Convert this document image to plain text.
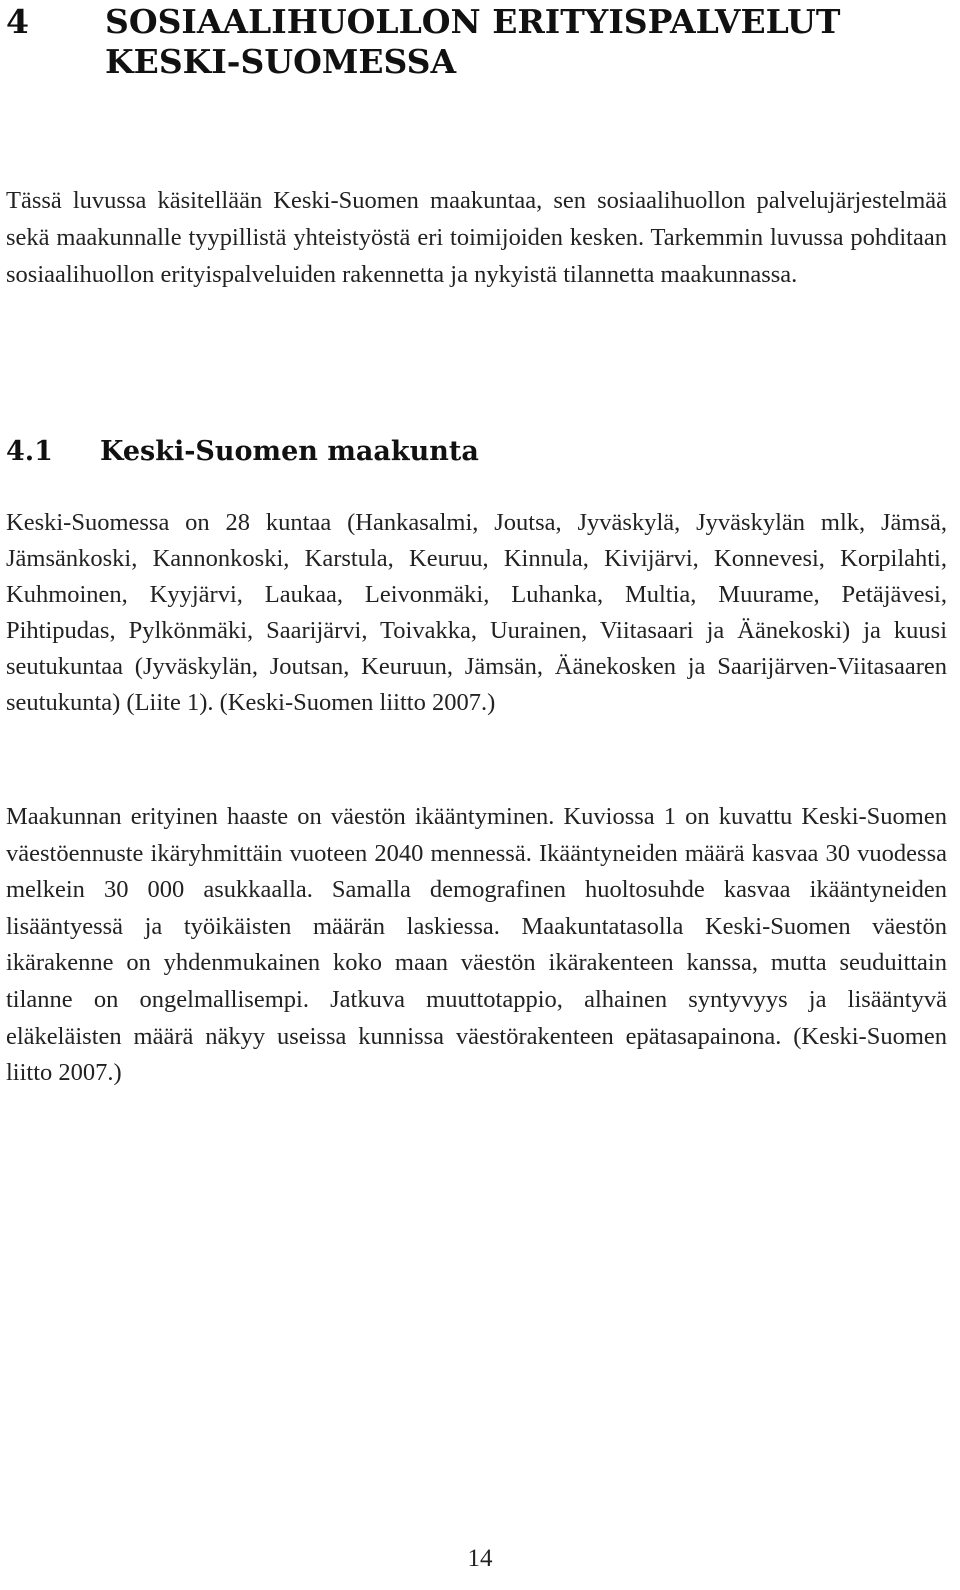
4 SOSIAALIHUOLLON ERITYISPALVELUT KESKI-SUOMESSA

Tässä luvussa käsitellään Keski-Suomen maakuntaa, sen sosiaalihuollon palvelujärjestelmää sekä maakunnalle tyypillistä yhteistyöstä eri toimijoiden kesken. Tarkemmin luvussa pohditaan sosiaalihuollon erityispalveluiden rakennetta ja nykyistä tilannetta maakunnassa.

4.1 Keski-Suomen maakunta

Keski-Suomessa on 28 kuntaa (Hankasalmi, Joutsa, Jyväskylä, Jyväskylän mlk, Jämsä, Jämsänkoski, Kannonkoski, Karstula, Keuruu, Kinnula, Kivijärvi, Konnevesi, Korpilahti, Kuhmoinen, Kyyjärvi, Laukaa, Leivonmäki, Luhanka, Multia, Muurame, Petäjävesi, Pihtipudas, Pylkönmäki, Saarijärvi, Toivakka, Uurainen, Viitasaari ja Äänekoski) ja kuusi seutukuntaa (Jyväskylän, Joutsan, Keuruun, Jämsän, Äänekosken ja Saarijärven-Viitasaaren seutukunta) (Liite 1). (Keski-Suomen liitto 2007.)

Maakunnan erityinen haaste on väestön ikääntyminen. Kuviossa 1 on kuvattu Keski-Suomen väestöennuste ikäryhmittäin vuoteen 2040 mennessä. Ikääntyneiden määrä kasvaa 30 vuodessa melkein 30 000 asukkaalla. Samalla demografinen huoltosuhde kasvaa ikääntyneiden lisääntyessä ja työikäisten määrän laskiessa. Maakuntatasolla Keski-Suomen väestön ikärakenne on yhdenmukainen koko maan väestön ikärakenteen kanssa, mutta seuduittain tilanne on ongelmallisempi. Jatkuva muuttotappio, alhainen syntyvyys ja lisääntyvä eläkeläisten määrä näkyy useissa kunnissa väestörakenteen epätasapainona. (Keski-Suomen liitto 2007.)

14
